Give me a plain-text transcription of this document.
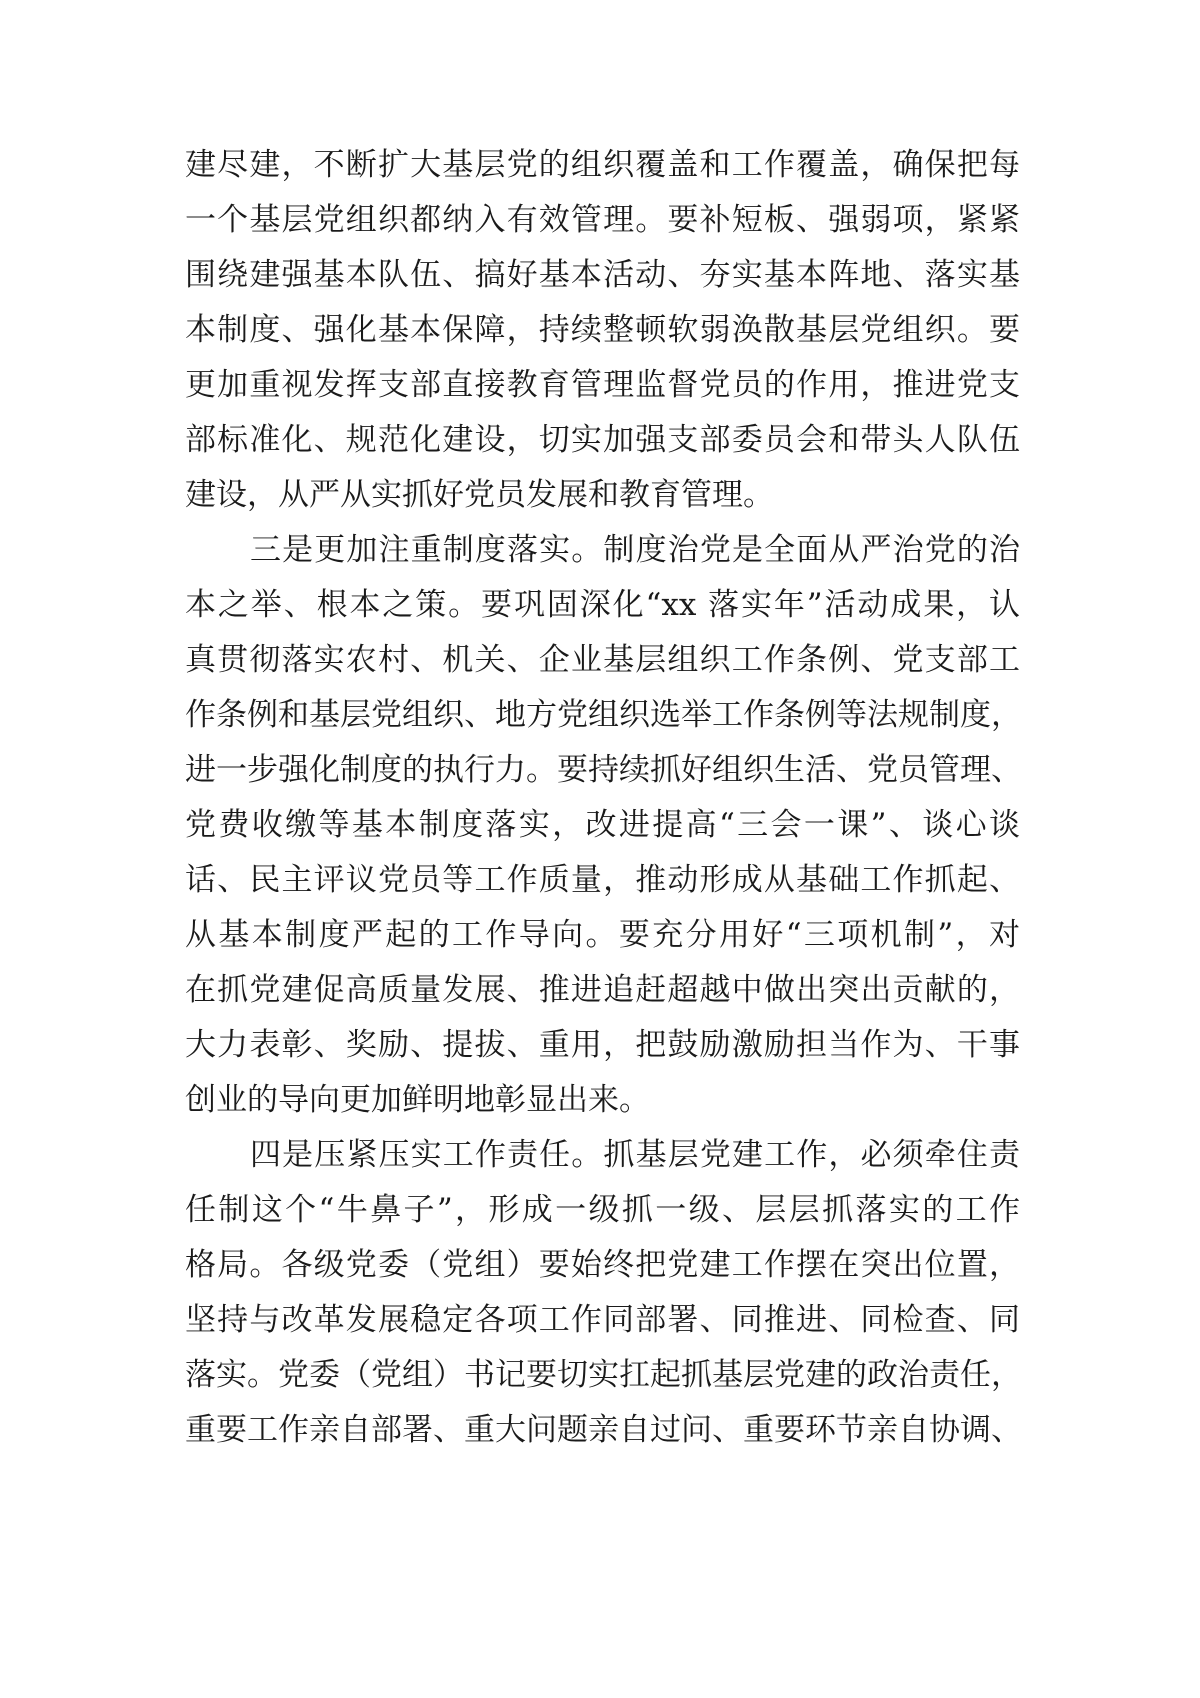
建尽建，不断扩大基层党的组织覆盖和工作覆盖，确保把每

一个基层党组织都纳入有效管理。要补短板、强弱项，紧紧

围绕建强基本队伍、搞好基本活动、夯实基本阵地、落实基

本制度、强化基本保障，持续整顿软弱涣散基层党组织。要

更加重视发挥支部直接教育管理监督党员的作用，推进党支

部标准化、规范化建设，切实加强支部委员会和带头人队伍

建设，从严从实抓好党员发展和教育管理。

三是更加注重制度落实。制度治党是全面从严治党的治

本之举、根本之策。要巩固深化“xx 落实年”活动成果，认

真贯彻落实农村、机关、企业基层组织工作条例、党支部工

作条例和基层党组织、地方党组织选举工作条例等法规制度，

进一步强化制度的执行力。要持续抓好组织生活、党员管理、

党费收缴等基本制度落实，改进提高“三会一课”、谈心谈

话、民主评议党员等工作质量，推动形成从基础工作抓起、

从基本制度严起的工作导向。要充分用好“三项机制”，对

在抓党建促高质量发展、推进追赶超越中做出突出贡献的，

大力表彰、奖励、提拔、重用，把鼓励激励担当作为、干事

创业的导向更加鲜明地彰显出来。

四是压紧压实工作责任。抓基层党建工作，必须牵住责

任制这个“牛鼻子”，形成一级抓一级、层层抓落实的工作

格局。各级党委（党组）要始终把党建工作摆在突出位置，

坚持与改革发展稳定各项工作同部署、同推进、同检查、同

落实。党委（党组）书记要切实扛起抓基层党建的政治责任，

重要工作亲自部署、重大问题亲自过问、重要环节亲自协调、
